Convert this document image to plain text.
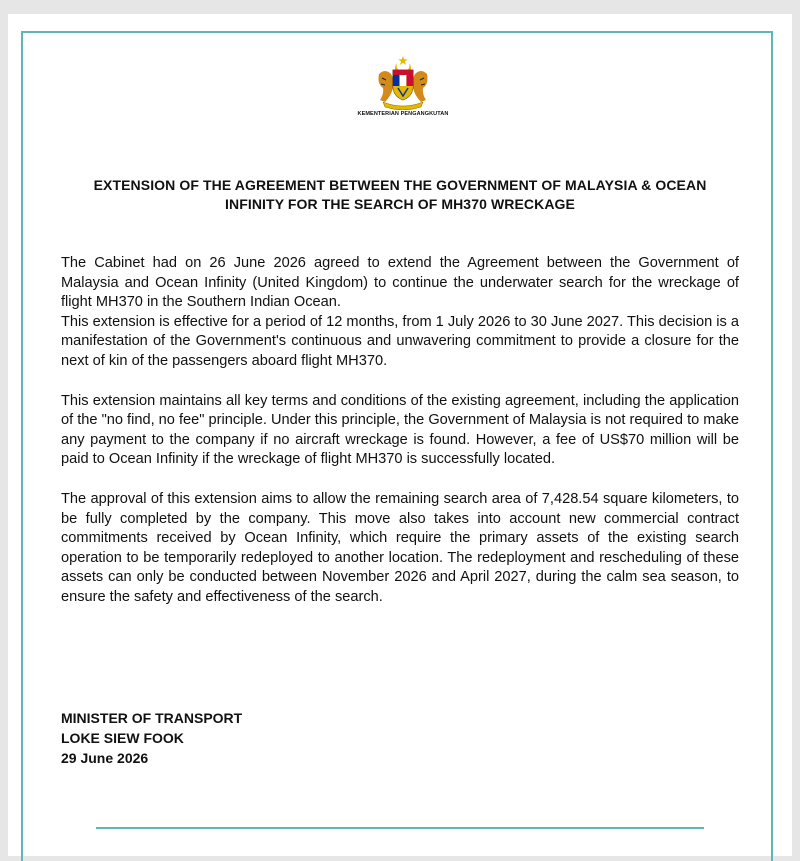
KEMENTERIAN PENGANGKUTAN
EXTENSION OF THE AGREEMENT BETWEEN THE GOVERNMENT OF MALAYSIA & OCEAN
INFINITY FOR THE SEARCH OF MH370 WRECKAGE

The Cabinet had on 26 June 2026 agreed to extend the Agreement between the Government of Malaysia and Ocean Infinity (United Kingdom) to continue the underwater search for the wreckage of flight MH370 in the Southern Indian Ocean.

This extension is effective for a period of 12 months, from 1 July 2026 to 30 June 2027. This decision is a manifestation of the Government's continuous and unwavering commitment to provide a closure for the next of kin of the passengers aboard flight MH370.

This extension maintains all key terms and conditions of the existing agreement, including the application of the "no find, no fee" principle. Under this principle, the Government of Malaysia is not required to make any payment to the company if no aircraft wreckage is found. However, a fee of US$70 million will be paid to Ocean Infinity if the wreckage of flight MH370 is successfully located.

The approval of this extension aims to allow the remaining search area of 7,428.54 square kilometers, to be fully completed by the company. This move also takes into account new commercial contract commitments received by Ocean Infinity, which require the primary assets of the existing search operation to be temporarily redeployed to another location. The redeployment and rescheduling of these assets can only be conducted between November 2026 and April 2027, during the calm sea season, to ensure the safety and effectiveness of the search.

MINISTER OF TRANSPORT
LOKE SIEW FOOK
29 June 2026
